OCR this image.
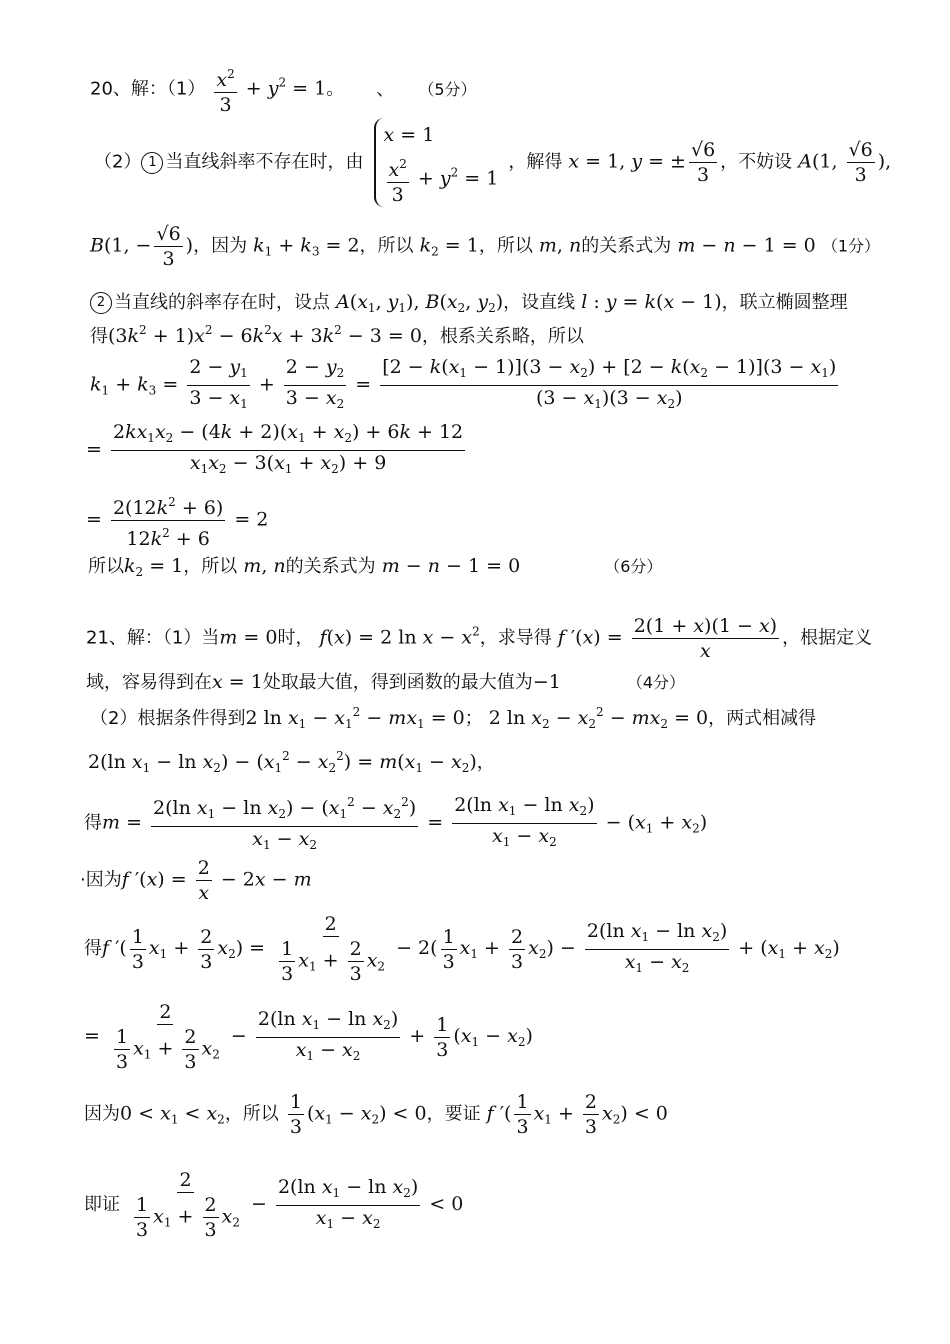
20、解：$(1) \frac{x^2}{3} + y^2 = 1$。 、 （5分）
（2） 1 当直线斜率不存在时，由
x = 1
$\frac{x^2}{3} + y^2 = 1$
，解得 x = 1, y = ± $\frac{√6}{3}$ ，不妨设 A(1, $\frac{√6}{3}$ ),
B(1, − $\frac{√6}{3}$ )，因为 $k_1 + k_3 = 2$，所以 $k_2 = 1$，所以 m, n的关系式为 m − n − 1 = 0 （1分）
2 当直线的斜率存在时，设点 $A(x_1$, $y_1$), $B(x_2$, $y_2$)，设直线 l : y = k(x − 1)，联立椭圆整理
得$(3k^2 + 1)x^2 - 6k^2x + 3k^2 - 3 = 0$，根系关系略，所以
$k_1 + k_3 = \frac{2 - y_1}{3 - x_1} + \frac{2 - y_2}{3 - x_2} = \frac{[2 - k(x_1 - 1)](3 - x_2) + [2 - k(x_2 - 1)](3 - x_1)}{(3 - x_1)(3 - x_2)}$
= $\frac{2kx_1x_2 - (4k + 2)(x_1 + x_2) + 6k + 12}{x_1x_2 - 3(x_1 + x_2) + 9}$
= $\frac{2(12k^2 + 6)}{12k^2 + 6} = 2$
所以$k_2 = 1$，所以 m, n的关系式为 m − n − 1 = 0	（6分）
21、解：（1）当m = 0时， f(x) = 2 $\ln x - x^2$，求导得 f $'(x) = \frac{2(1 + x)(1 - x)}{x}$ ，根据定义
域，容易得到在x = 1处取最大值，得到函数的最大值为−1	（4分）
（2）根据条件得到2 $\ln x_1 - x_1^2 - mx_1 = 0$； 2 $\ln x_2 - x_2^2 - mx_2 = 0$，两式相减得
2(ln $x_1 - \ln x_2) - (x_1^2 - x_2^2) = m(x_1 - x_2)$，
得$m = \frac{2(\ln x_1 - \ln x_2) - (x_1^2 - x_2^2)}{x_1 - x_2} = \frac{2(\ln x_1 - \ln x_2)}{x_1 - x_2} - (x_1 + x_2)$
·因为f $'(x) = \frac{2}{x} - 2x - m$
得f ′( $\frac{1}{3} x_1 + \frac{2}{3} x_2) = \frac{2}{\frac{1}{3} x_1 + \frac{2}{3} x_2} - 2( \frac{1}{3} x_1 + \frac{2}{3} x_2) - \frac{2(\ln x_1 - \ln x_2)}{x_1 - x_2} + (x_1 + x_2)$
= $\frac{2}{\frac{1}{3} x_1 + \frac{2}{3} x_2} - \frac{2(\ln x_1 - \ln x_2)}{x_1 - x_2} + \frac{1}{3} (x_1 - x_2)$
因为$0 < x_1 < x_2$，所以 $\frac{1}{3} (x_1 - x_2) < 0$，要证 f ′( $\frac{1}{3} x_1 + \frac{2}{3} x_2) < 0$
即证 $\frac{2}{\frac{1}{3} x_1 + \frac{2}{3} x_2} - \frac{2(\ln x_1 - \ln x_2)}{x_1 - x_2} < 0$
